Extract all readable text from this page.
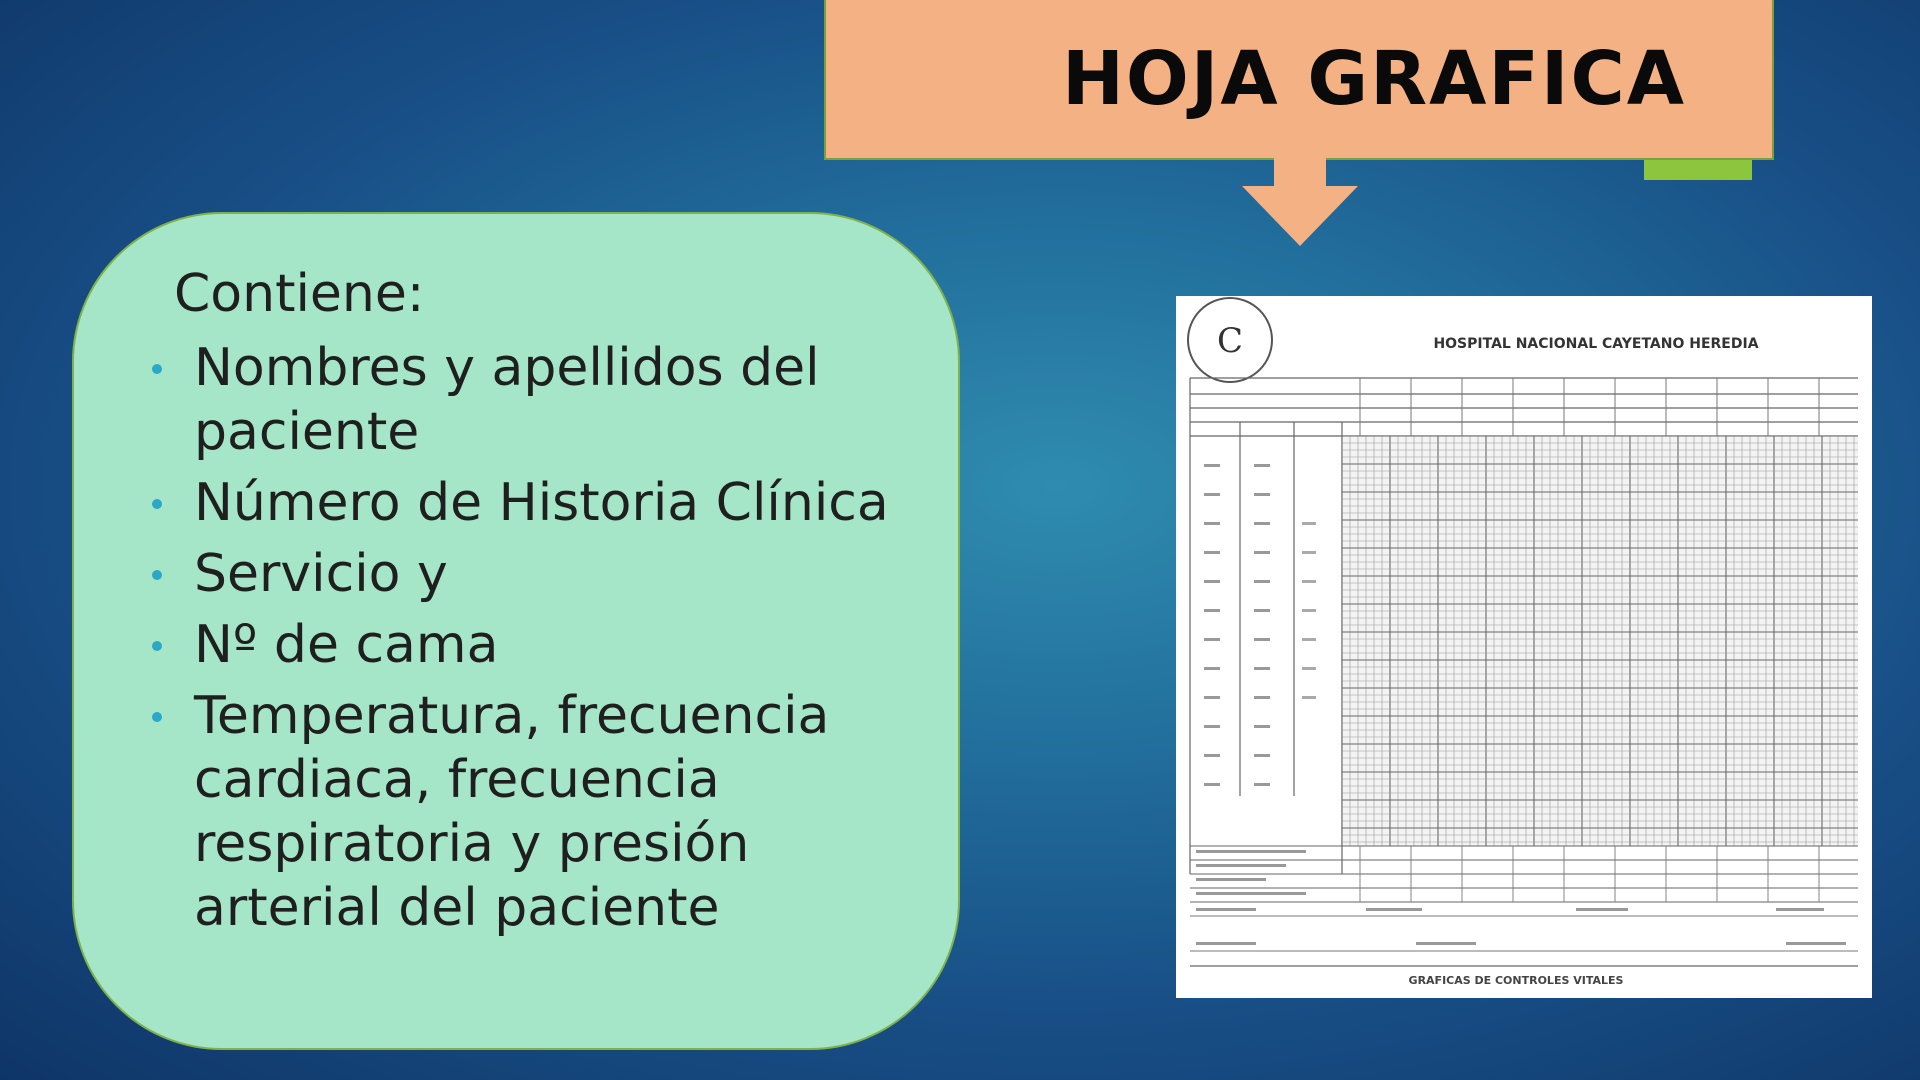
HOJA GRAFICA
Contiene:
Nombres y apellidos del paciente
Número de Historia Clínica
Servicio y
Nº de cama
Temperatura, frecuencia cardiaca, frecuencia respiratoria y presión arterial del paciente
C	HOSPITAL NACIONAL CAYETANO HEREDIA
GRAFICAS DE CONTROLES VITALES
